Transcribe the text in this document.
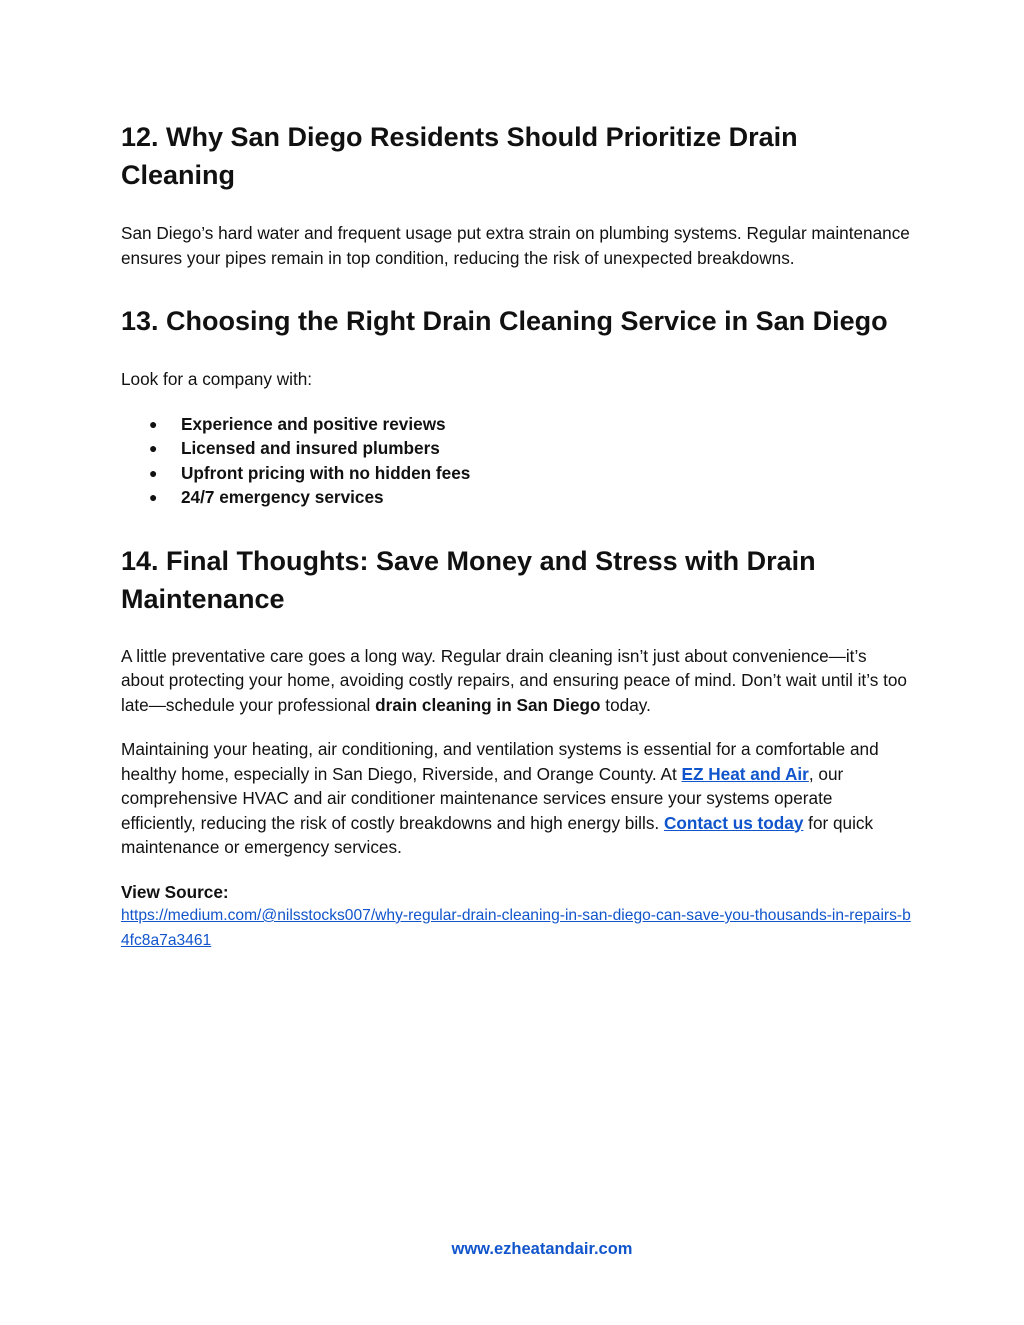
12. Why San Diego Residents Should Prioritize Drain Cleaning

San Diego’s hard water and frequent usage put extra strain on plumbing systems. Regular maintenance ensures your pipes remain in top condition, reducing the risk of unexpected breakdowns.

13. Choosing the Right Drain Cleaning Service in San Diego

Look for a company with:

● Experience and positive reviews
● Licensed and insured plumbers
● Upfront pricing with no hidden fees
● 24/7 emergency services
14. Final Thoughts: Save Money and Stress with Drain Maintenance

A little preventative care goes a long way. Regular drain cleaning isn’t just about convenience—it’s about protecting your home, avoiding costly repairs, and ensuring peace of mind. Don’t wait until it’s too late—schedule your professional drain cleaning in San Diego today.

Maintaining your heating, air conditioning, and ventilation systems is essential for a comfortable and healthy home, especially in San Diego, Riverside, and Orange County. At EZ Heat and Air, our comprehensive HVAC and air conditioner maintenance services ensure your systems operate efficiently, reducing the risk of costly breakdowns and high energy bills. Contact us today for quick maintenance or emergency services.

View Source:

https://medium.com/@nilsstocks007/why-regular-drain-cleaning-in-san-diego-can-save-you-thousands-in-repairs-b4fc8a7a3461
www.ezheatandair.com
